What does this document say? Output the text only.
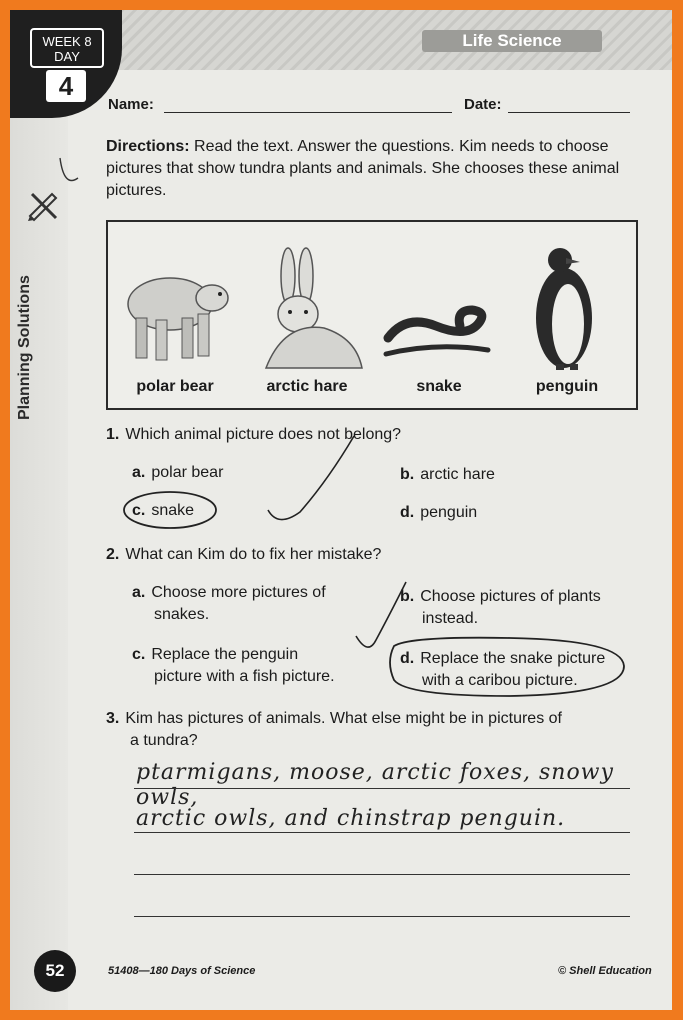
Life Science
WEEK 8
DAY
4
Planning Solutions
Name:	Date:
Directions: Read the text. Answer the questions. Kim needs to choose pictures that show tundra plants and animals. She chooses these animal pictures.
polar bear	arctic hare	snake	penguin
1. Which animal picture does not belong?
a. polar bear	b. arctic hare
c. snake	d. penguin
2. What can Kim do to fix her mistake?
a. Choose more pictures of
snakes.
b. Choose pictures of plants
instead.
c. Replace the penguin
picture with a fish picture.
d. Replace the snake picture
with a caribou picture.
3. Kim has pictures of animals. What else might be in pictures of
a tundra?
ptarmigans, moose, arctic foxes, snowy owls,
arctic owls, and chinstrap penguin.
52	51408—180 Days of Science	© Shell Education
